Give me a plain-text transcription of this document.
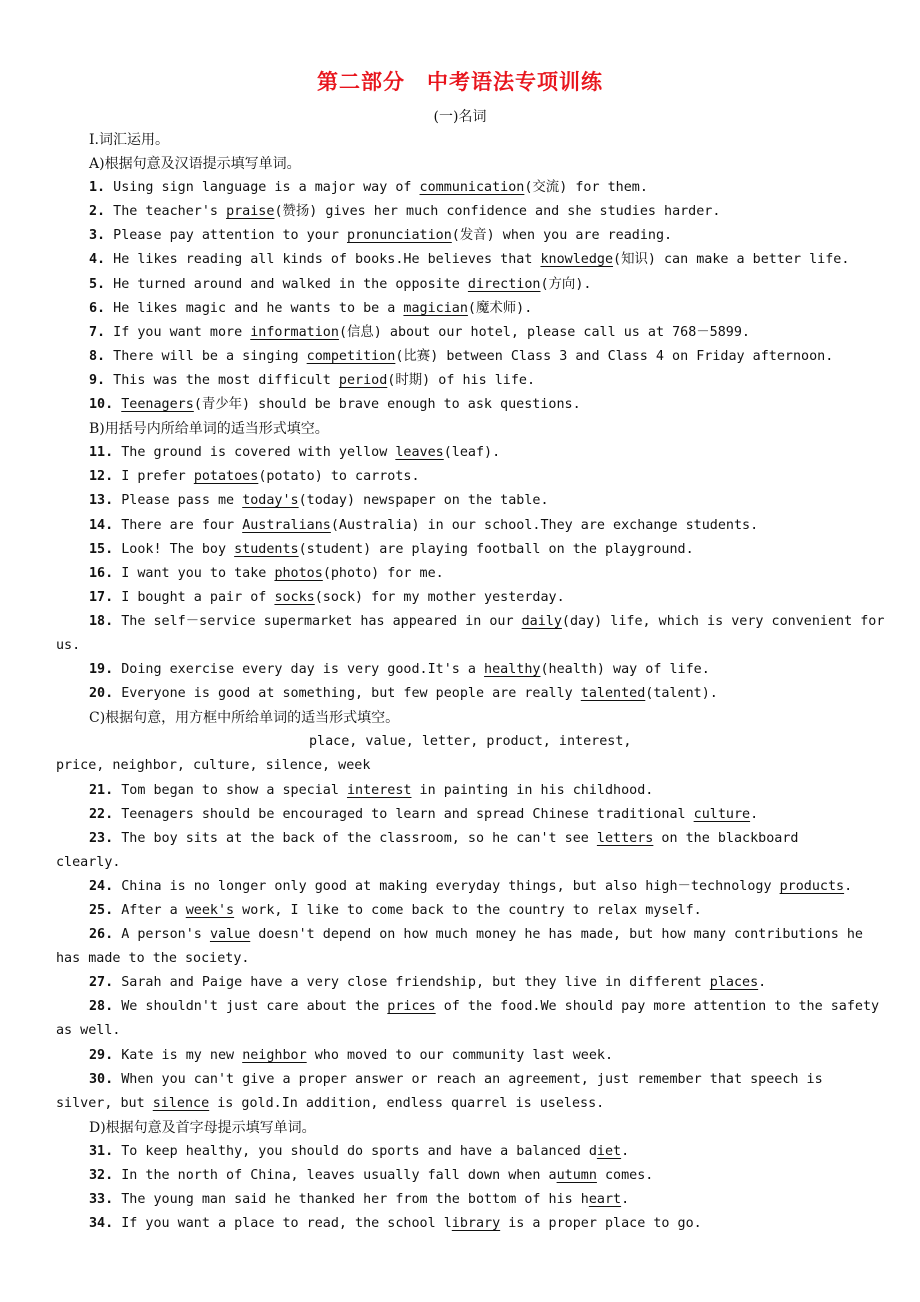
第二部分　中考语法专项训练
(一)名词
Ⅰ.词汇运用。
A)根据句意及汉语提示填写单词。
1. Using sign language is a major way of communication(交流) for them.
2. The teacher's praise(赞扬) gives her much confidence and she studies harder.
3. Please pay attention to your pronunciation(发音) when you are reading.
4. He likes reading all kinds of books.He believes that knowledge(知识) can make a better life.
5. He turned around and walked in the opposite direction(方向).
6. He likes magic and he wants to be a magician(魔术师).
7. If you want more information(信息) about our hotel, please call us at 768－5899.
8. There will be a singing competition(比赛) between Class 3 and Class 4 on Friday afternoon.
9. This was the most difficult period(时期) of his life.
10. Teenagers(青少年) should be brave enough to ask questions.
B)用括号内所给单词的适当形式填空。
11. The ground is covered with yellow leaves(leaf).
12. I prefer potatoes(potato) to carrots.
13. Please pass me today's(today) newspaper on the table.
14. There are four Australians(Australia) in our school.They are exchange students.
15. Look! The boy students(student) are playing football on the playground.
16. I want you to take photos(photo) for me.
17. I bought a pair of socks(sock) for my mother yesterday.
18. The self－service supermarket has appeared in our daily(day) life, which is very convenient for
us.
19. Doing exercise every day is very good.It's a healthy(health) way of life.
20. Everyone is good at something, but few people are really talented(talent).
C)根据句意，用方框中所给单词的适当形式填空。
place, value, letter, product, interest,
price, neighbor, culture, silence, week
21. Tom began to show a special interest in painting in his childhood.
22. Teenagers should be encouraged to learn and spread Chinese traditional culture.
23. The boy sits at the back of the classroom, so he can't see letters on the blackboard
clearly.
24. China is no longer only good at making everyday things, but also high－technology products.
25. After a week's work, I like to come back to the country to relax myself.
26. A person's value doesn't depend on how much money he has made, but how many contributions he
has made to the society.
27. Sarah and Paige have a very close friendship, but they live in different places.
28. We shouldn't just care about the prices of the food.We should pay more attention to the safety
as well.
29. Kate is my new neighbor who moved to our community last week.
30. When you can't give a proper answer or reach an agreement, just remember that speech is
silver, but silence is gold.In addition, endless quarrel is useless.
D)根据句意及首字母提示填写单词。
31. To keep healthy, you should do sports and have a balanced diet.
32. In the north of China, leaves usually fall down when autumn comes.
33. The young man said he thanked her from the bottom of his heart.
34. If you want a place to read, the school library is a proper place to go.
